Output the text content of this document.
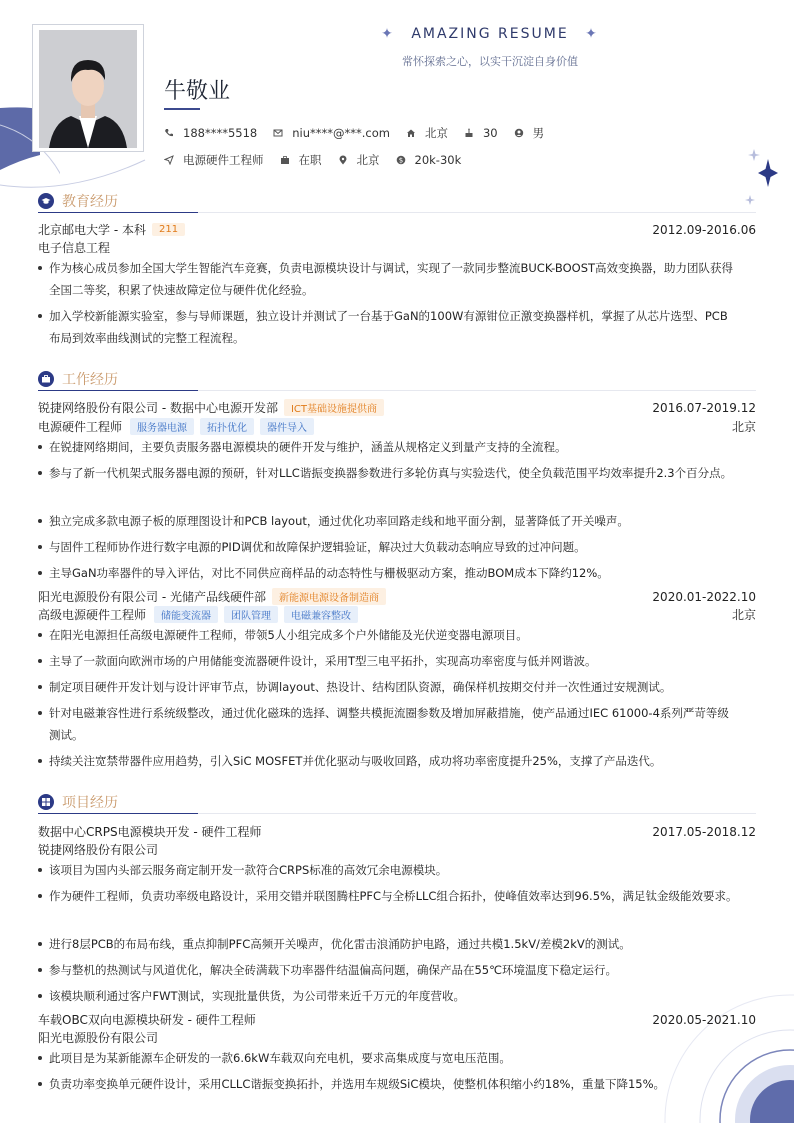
✦ AMAZING RESUME ✦
常怀探索之心，以实干沉淀自身价值
牛敬业
188****5518	niu****@***.com	北京	30	男
电源硬件工程师	在职	北京	$ 20k-30k
教育经历
北京邮电大学 - 本科	211	2012.09-2016.06
电子信息工程
作为核心成员参加全国大学生智能汽车竞赛，负责电源模块设计与调试，实现了一款同步整流BUCK-BOOST高效变换器，助力团队获得全国二等奖，积累了快速故障定位与硬件优化经验。
加入学校新能源实验室，参与导师课题，独立设计并测试了一台基于GaN的100W有源钳位正激变换器样机，掌握了从芯片选型、PCB布局到效率曲线测试的完整工程流程。
工作经历
锐捷网络股份有限公司 - 数据中心电源开发部	ICT基础设施提供商	2016.07-2019.12
电源硬件工程师	服务器电源	拓扑优化	器件导入	北京
在锐捷网络期间，主要负责服务器电源模块的硬件开发与维护，涵盖从规格定义到量产支持的全流程。
参与了新一代机架式服务器电源的预研，针对LLC谐振变换器参数进行多轮仿真与实验迭代，使全负载范围平均效率提升2.3个百分点。
独立完成多款电源子板的原理图设计和PCB layout，通过优化功率回路走线和地平面分割，显著降低了开关噪声。
与固件工程师协作进行数字电源的PID调优和故障保护逻辑验证，解决过大负载动态响应导致的过冲问题。
主导GaN功率器件的导入评估，对比不同供应商样品的动态特性与栅极驱动方案，推动BOM成本下降约12%。
阳光电源股份有限公司 - 光储产品线硬件部	新能源电源设备制造商	2020.01-2022.10
高级电源硬件工程师	储能变流器	团队管理	电磁兼容整改	北京
在阳光电源担任高级电源硬件工程师，带领5人小组完成多个户外储能及光伏逆变器电源项目。
主导了一款面向欧洲市场的户用储能变流器硬件设计，采用T型三电平拓扑，实现高功率密度与低并网谐波。
制定项目硬件开发计划与设计评审节点，协调layout、热设计、结构团队资源，确保样机按期交付并一次性通过安规测试。
针对电磁兼容性进行系统级整改，通过优化磁珠的选择、调整共模扼流圈参数及增加屏蔽措施，使产品通过IEC 61000-4系列严苛等级测试。
持续关注宽禁带器件应用趋势，引入SiC MOSFET并优化驱动与吸收回路，成功将功率密度提升25%，支撑了产品迭代。
项目经历
数据中心CRPS电源模块开发 - 硬件工程师	2017.05-2018.12
锐捷网络股份有限公司
该项目为国内头部云服务商定制开发一款符合CRPS标准的高效冗余电源模块。
作为硬件工程师，负责功率级电路设计，采用交错并联图腾柱PFC与全桥LLC组合拓扑，使峰值效率达到96.5%，满足钛金级能效要求。
进行8层PCB的布局布线，重点抑制PFC高频开关噪声，优化雷击浪涌防护电路，通过共模1.5kV/差模2kV的测试。
参与整机的热测试与风道优化，解决全砖满载下功率器件结温偏高问题，确保产品在55℃环境温度下稳定运行。
该模块顺利通过客户FWT测试，实现批量供货，为公司带来近千万元的年度营收。
车载OBC双向电源模块研发 - 硬件工程师	2020.05-2021.10
阳光电源股份有限公司
此项目是为某新能源车企研发的一款6.6kW车载双向充电机，要求高集成度与宽电压范围。
负责功率变换单元硬件设计，采用CLLC谐振变换拓扑，并选用车规级SiC模块，使整机体积缩小约18%，重量下降15%。
